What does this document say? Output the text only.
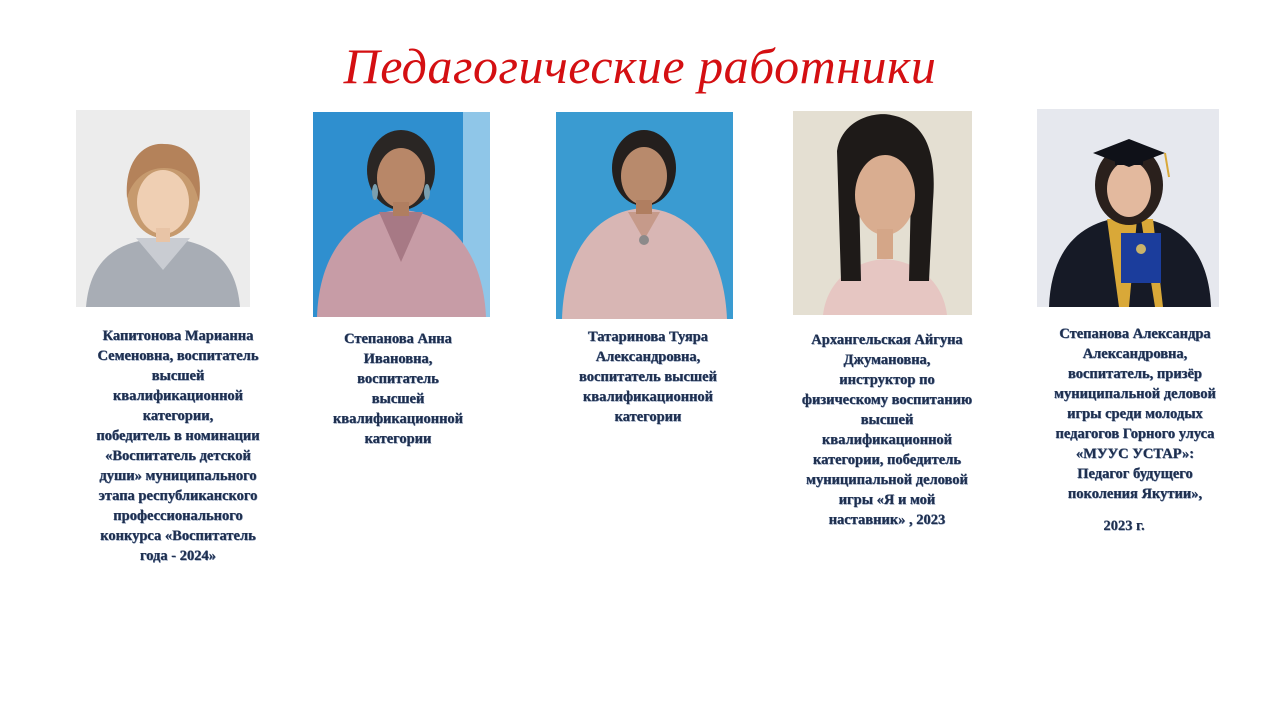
Педагогические работники
Капитонова Марианна
Семеновна, воспитатель
высшей
квалификационной
категории,
победитель в номинации
«Воспитатель детской
души» муниципального
этапа республиканского
профессионального
конкурса «Воспитатель
года - 2024»
Степанова Анна
Ивановна,
воспитатель
высшей
квалификационной
категории
Татаринова Туяра
Александровна,
воспитатель высшей
квалификационной
категории
Архангельская Айгуна
Джумановна,
инструктор по
физическому воспитанию
высшей
квалификационной
категории, победитель
муниципальной деловой
игры «Я и мой
наставник» , 2023
Степанова Александра
Александровна,
воспитатель, призёр
муниципальной деловой
игры среди молодых
педагогов Горного улуса
«МУУС УСТАР»:
Педагог будущего
поколения Якутии»,
2023 г.
